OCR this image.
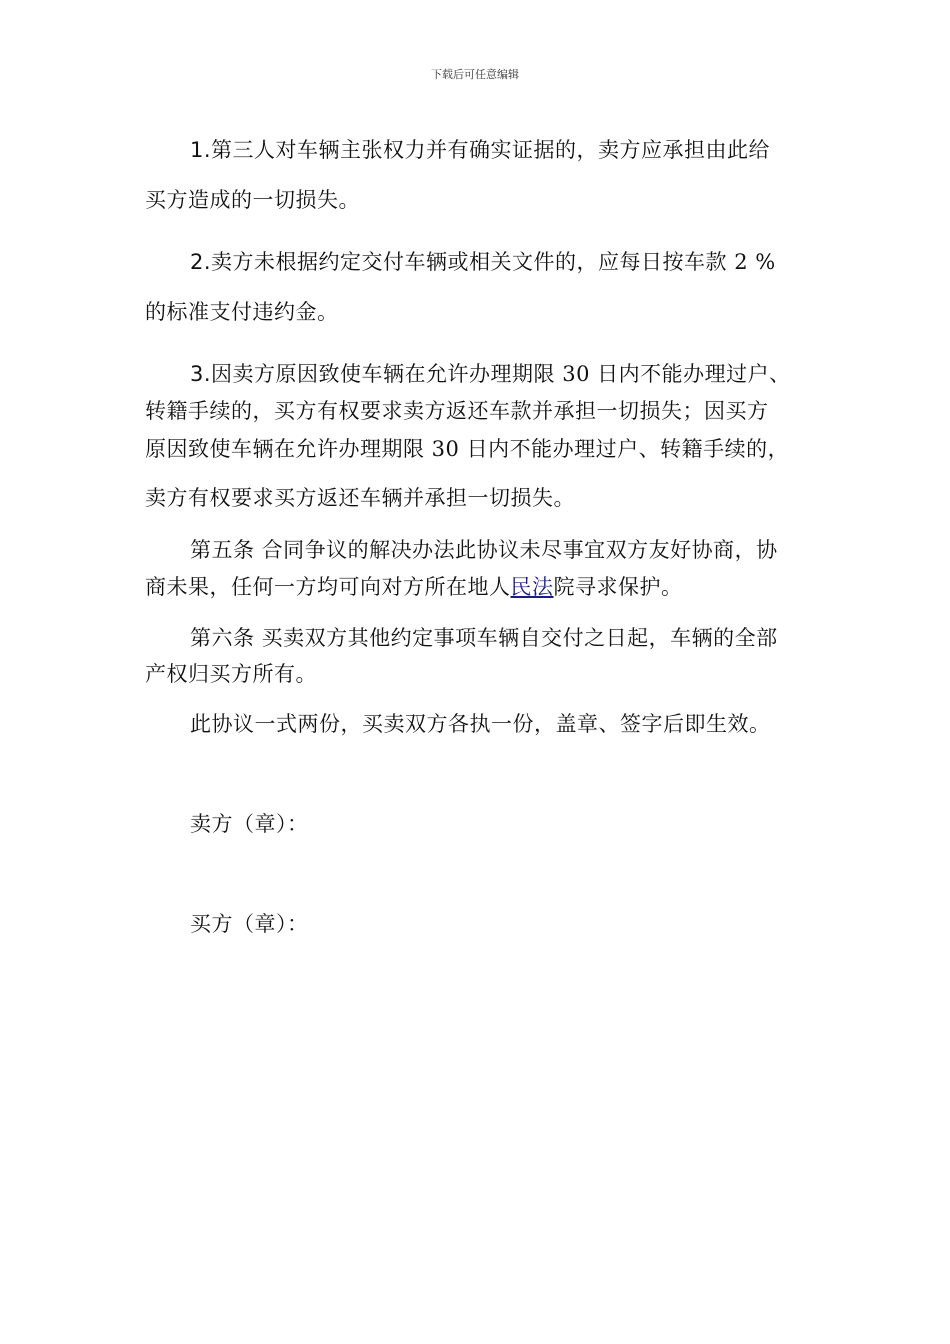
下载后可任意编辑
1.第三人对车辆主张权力并有确实证据的，卖方应承担由此给
买方造成的一切损失。
2.卖方未根据约定交付车辆或相关文件的，应每日按车款 2 %
的标准支付违约金。
3.因卖方原因致使车辆在允许办理期限 30 日内不能办理过户、
转籍手续的，买方有权要求卖方返还车款并承担一切损失；因买方
原因致使车辆在允许办理期限 30 日内不能办理过户、转籍手续的，
卖方有权要求买方返还车辆并承担一切损失。
第五条 合同争议的解决办法此协议未尽事宜双方友好协商，协
商未果，任何一方均可向对方所在地人民法院寻求保护。
第六条 买卖双方其他约定事项车辆自交付之日起，车辆的全部
产权归买方所有。
此协议一式两份，买卖双方各执一份，盖章、签字后即生效。
卖方（章）：
买方（章）：
